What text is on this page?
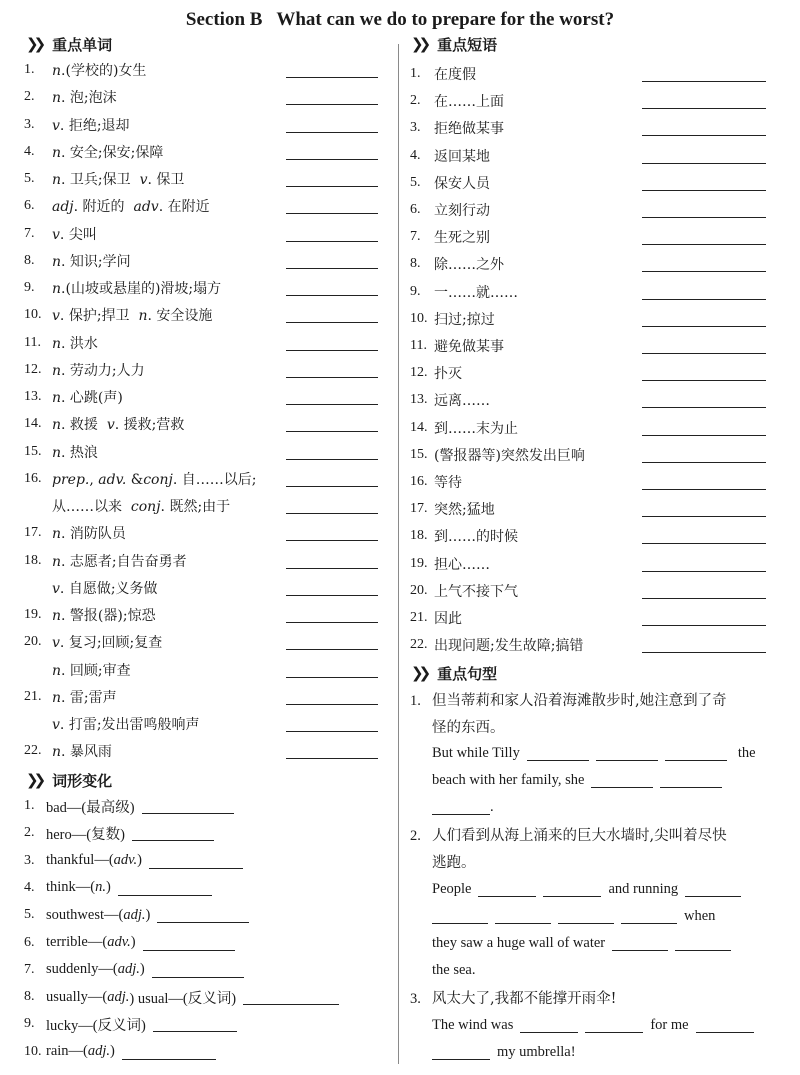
Section B   What can we do to prepare for the worst?
❯❯ 重点单词
1.	n.(学校的)女生
2.	n. 泡;泡沫
3.	v. 拒绝;退却
4.	n. 安全;保安;保障
5.	n. 卫兵;保卫  v. 保卫
6.	adj. 附近的  adv. 在附近
7.	v. 尖叫
8.	n. 知识;学问
9.	n.(山坡或悬崖的)滑坡;塌方
10. v. 保护;捍卫  n. 安全设施
11. n. 洪水
12. n. 劳动力;人力
13. n. 心跳(声)
14. n. 救援  v. 援救;营救
15. n. 热浪
16. prep., adv. &conj. 自……以后;
从……以来  conj. 既然;由于
17. n. 消防队员
18. n. 志愿者;自告奋勇者
v. 自愿做;义务做
19. n. 警报(器);惊恐
20. v. 复习;回顾;复查
n. 回顾;审查
21. n. 雷;雷声
v. 打雷;发出雷鸣般响声
22. n. 暴风雨
❯❯ 词形变化
1. bad—(最高级)
2. hero—(复数)
3. thankful—( adv. )
4. think—( n. )
5. southwest—( adj. )
6. terrible—( adv. )
7. suddenly—( adj. )
8. usually—( adj. ) usual—(反义词)
9. lucky—(反义词)
10. rain—( adj. )
❯❯ 重点短语
1. 在度假
2. 在……上面
3. 拒绝做某事
4. 返回某地
5. 保安人员
6. 立刻行动
7. 生死之别
8. 除……之外
9. 一……就……
10. 扫过;掠过
11. 避免做某事
12. 扑灭
13. 远离……
14. 到……末为止
15. (警报器等)突然发出巨响
16. 等待
17. 突然;猛地
18. 到……的时候
19. 担心……
20. 上气不接下气
21. 因此
22. 出现问题;发生故障;搞错
❯❯ 重点句型
1. 但当蒂莉和家人沿着海滩散步时,她注意到了奇
怪的东西。
But while Tilly	the
beach with her family, she
.
2. 人们看到从海上涌来的巨大水墙时,尖叫着尽快
逃跑。
People	and running
when
they saw a huge wall of water
the sea.
3. 风太大了,我都不能撑开雨伞!
The wind was	for me
my umbrella!
